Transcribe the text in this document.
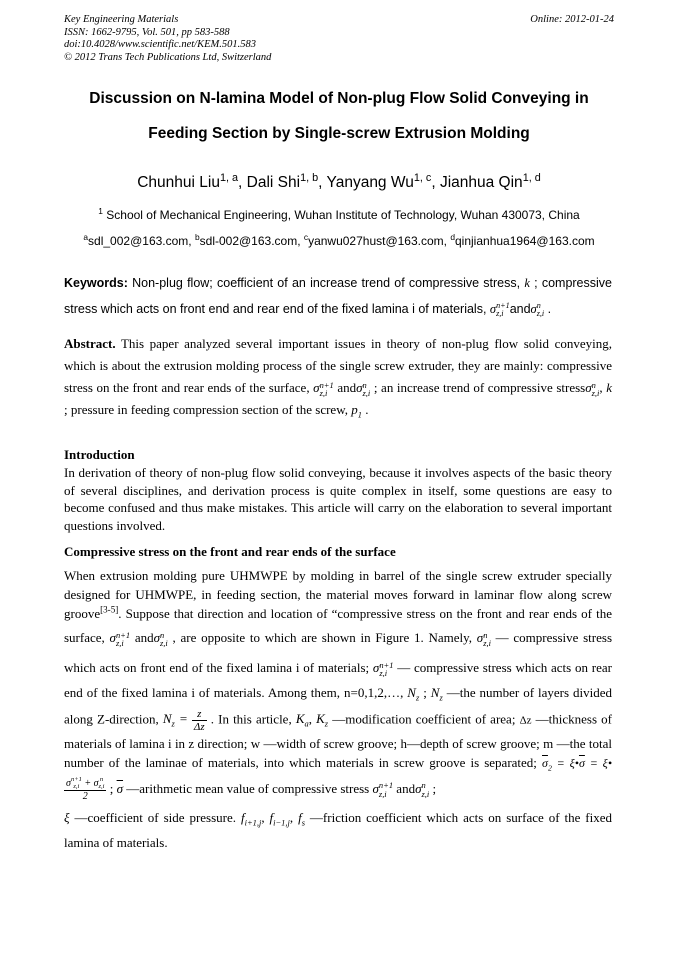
Key Engineering Materials
ISSN: 1662-9795, Vol. 501, pp 583-588
doi:10.4028/www.scientific.net/KEM.501.583
© 2012 Trans Tech Publications Ltd, Switzerland
Online: 2012-01-24
Discussion on N-lamina Model of Non-plug Flow Solid Conveying in
Feeding Section by Single-screw Extrusion Molding
Chunhui Liu$^{1, a}$, Dali Shi$^{1, b}$, Yanyang Wu$^{1, c}$, Jianhua Qin$^{1, d}$
$^1$ School of Mechanical Engineering, Wuhan Institute of Technology, Wuhan 430073, China
$^a$sdl_002@163.com, $^b$sdl-002@163.com, $^c$yanwu027hust@163.com, $^d$qinjianhua1964@163.com
Keywords: Non-plug flow; coefficient of an increase trend of compressive stress, k ; compressive stress which acts on front end and rear end of the fixed lamina i of materials, σ n+1
z,i andσ n
z,i .
Abstract. This paper analyzed several important issues in theory of non-plug flow solid conveying, which is about the extrusion molding process of the single screw extruder, they are mainly: compressive stress on the front and rear ends of the surface, σ n+1
z,i andσ n
z,i ; an increase trend of compressive stressσ n
z,i , k ; pressure in feeding compression section of the screw, $p_1$ .
Introduction
In derivation of theory of non-plug flow solid conveying, because it involves aspects of the basic theory of several disciplines, and derivation process is quite complex in itself, some questions are easy to become confused and thus make mistakes. This article will carry on the elaboration to several important questions involved.
Compressive stress on the front and rear ends of the surface
When extrusion molding pure UHMWPE by molding in barrel of the single screw extruder specially designed for UHMWPE, in feeding section, the material moves forward in laminar flow along screw groove[3-5]. Suppose that direction and location of “compressive stress on the front and rear ends of the surface, σ n+1
z,i andσ n
z,i , are opposite to which are shown in Figure 1. Namely, σ n
z,i — compressive stress which acts on front end of the fixed lamina i of materials; σ n+1
z,i — compressive stress which acts on rear end of the fixed lamina i of materials. Among them, n=0,1,2,…, $N_z$ ; $N_z$ —the number of layers divided along Z-direction, $N_z = \frac{z}{\Delta z}$ . In this article, $K_a$, $K_z$ —modification coefficient of area; Δz —thickness of materials of lamina i in z direction; w —width of screw groove; h—depth of screw groove; m —the total number of the laminae of materials, into which materials in screw groove is separated; $\overline{\sigma}_2$ = $\xi•\overline{\sigma}$ = ξ•
σ n+1
z,i + σ n
z,i
2 ; $\overline{\sigma}$ —arithmetic mean value of compressive stress σ n+1
z,i andσ n
z,i ;
ξ —coefficient of side pressure. $f_{i+1,j}$, $f_{i-1,j}$, $f_s$ —friction coefficient which acts on surface of the fixed lamina of materials.
